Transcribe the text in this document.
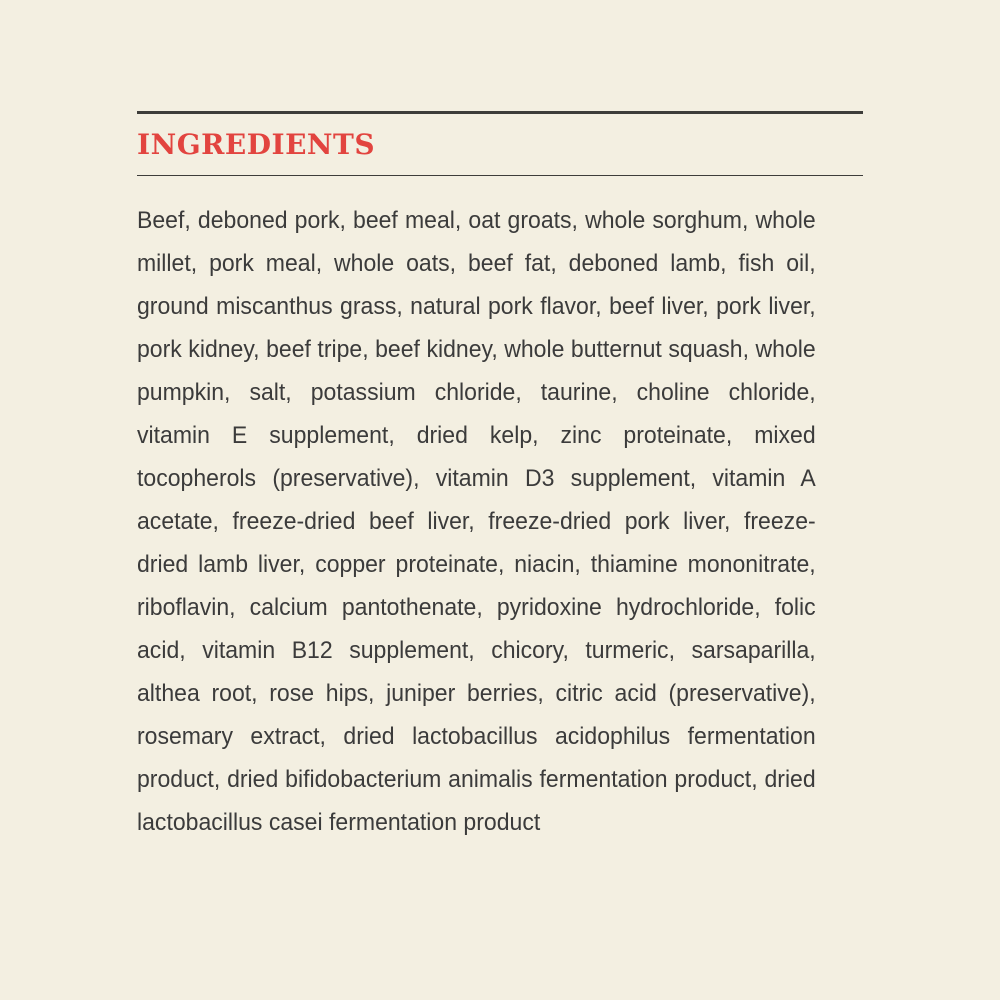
INGREDIENTS

Beef, deboned pork, beef meal, oat groats, whole sorghum, whole millet, pork meal, whole oats, beef fat, deboned lamb, fish oil, ground miscanthus grass, natural pork flavor, beef liver, pork liver, pork kidney, beef tripe, beef kidney, whole butternut squash, whole pumpkin, salt, potassium chloride, taurine, choline chloride, vitamin E supplement, dried kelp, zinc proteinate, mixed tocopherols (preservative), vitamin D3 supplement, vitamin A acetate, freeze-dried beef liver, freeze-dried pork liver, freeze-dried lamb liver, copper proteinate, niacin, thiamine mononitrate, riboflavin, calcium pantothenate, pyridoxine hydrochloride, folic acid, vitamin B12 supplement, chicory, turmeric, sarsaparilla, althea root, rose hips, juniper berries, citric acid (preservative), rosemary extract, dried lactobacillus acidophilus fermentation product, dried bifidobacterium animalis fermentation product, dried lactobacillus casei fermentation product
